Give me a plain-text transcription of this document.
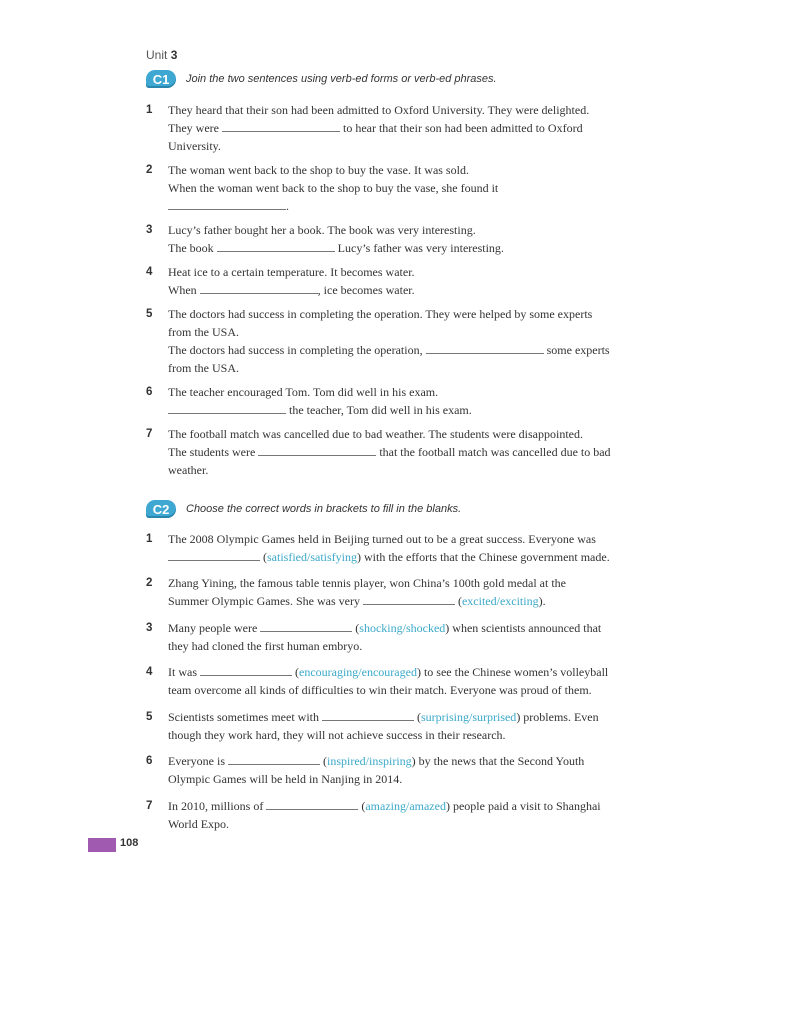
Unit 3
C1	Join the two sentences using verb-ed forms or verb-ed phrases.
1 They heard that their son had been admitted to Oxford University. They were delighted.
They were	to hear that their son had been admitted to Oxford
University.
2 The woman went back to the shop to buy the vase. It was sold.
When the woman went back to the shop to buy the vase, she found it
.
3 Lucy’s father bought her a book. The book was very interesting.
The book	Lucy’s father was very interesting.
4 Heat ice to a certain temperature. It becomes water.
When	, ice becomes water.
5 The doctors had success in completing the operation. They were helped by some experts
from the USA.
The doctors had success in completing the operation,	some experts
from the USA.
6 The teacher encouraged Tom. Tom did well in his exam.
the teacher, Tom did well in his exam.
7 The football match was cancelled due to bad weather. The students were disappointed.
The students were	that the football match was cancelled due to bad
weather.
C2	Choose the correct words in brackets to fill in the blanks.
1 The 2008 Olympic Games held in Beijing turned out to be a great success. Everyone was
(satisfied/satisfying) with the efforts that the Chinese government made.
2 Zhang Yining, the famous table tennis player, won China’s 100th gold medal at the
Summer Olympic Games. She was very	(excited/exciting).
3 Many people were	(shocking/shocked) when scientists announced that
they had cloned the first human embryo.
4 It was	(encouraging/encouraged) to see the Chinese women’s volleyball
team overcome all kinds of difficulties to win their match. Everyone was proud of them.
5 Scientists sometimes meet with	(surprising/surprised) problems. Even
though they work hard, they will not achieve success in their research.
6 Everyone is	(inspired/inspiring) by the news that the Second Youth
Olympic Games will be held in Nanjing in 2014.
7 In 2010, millions of	(amazing/amazed) people paid a visit to Shanghai
World Expo.
108
